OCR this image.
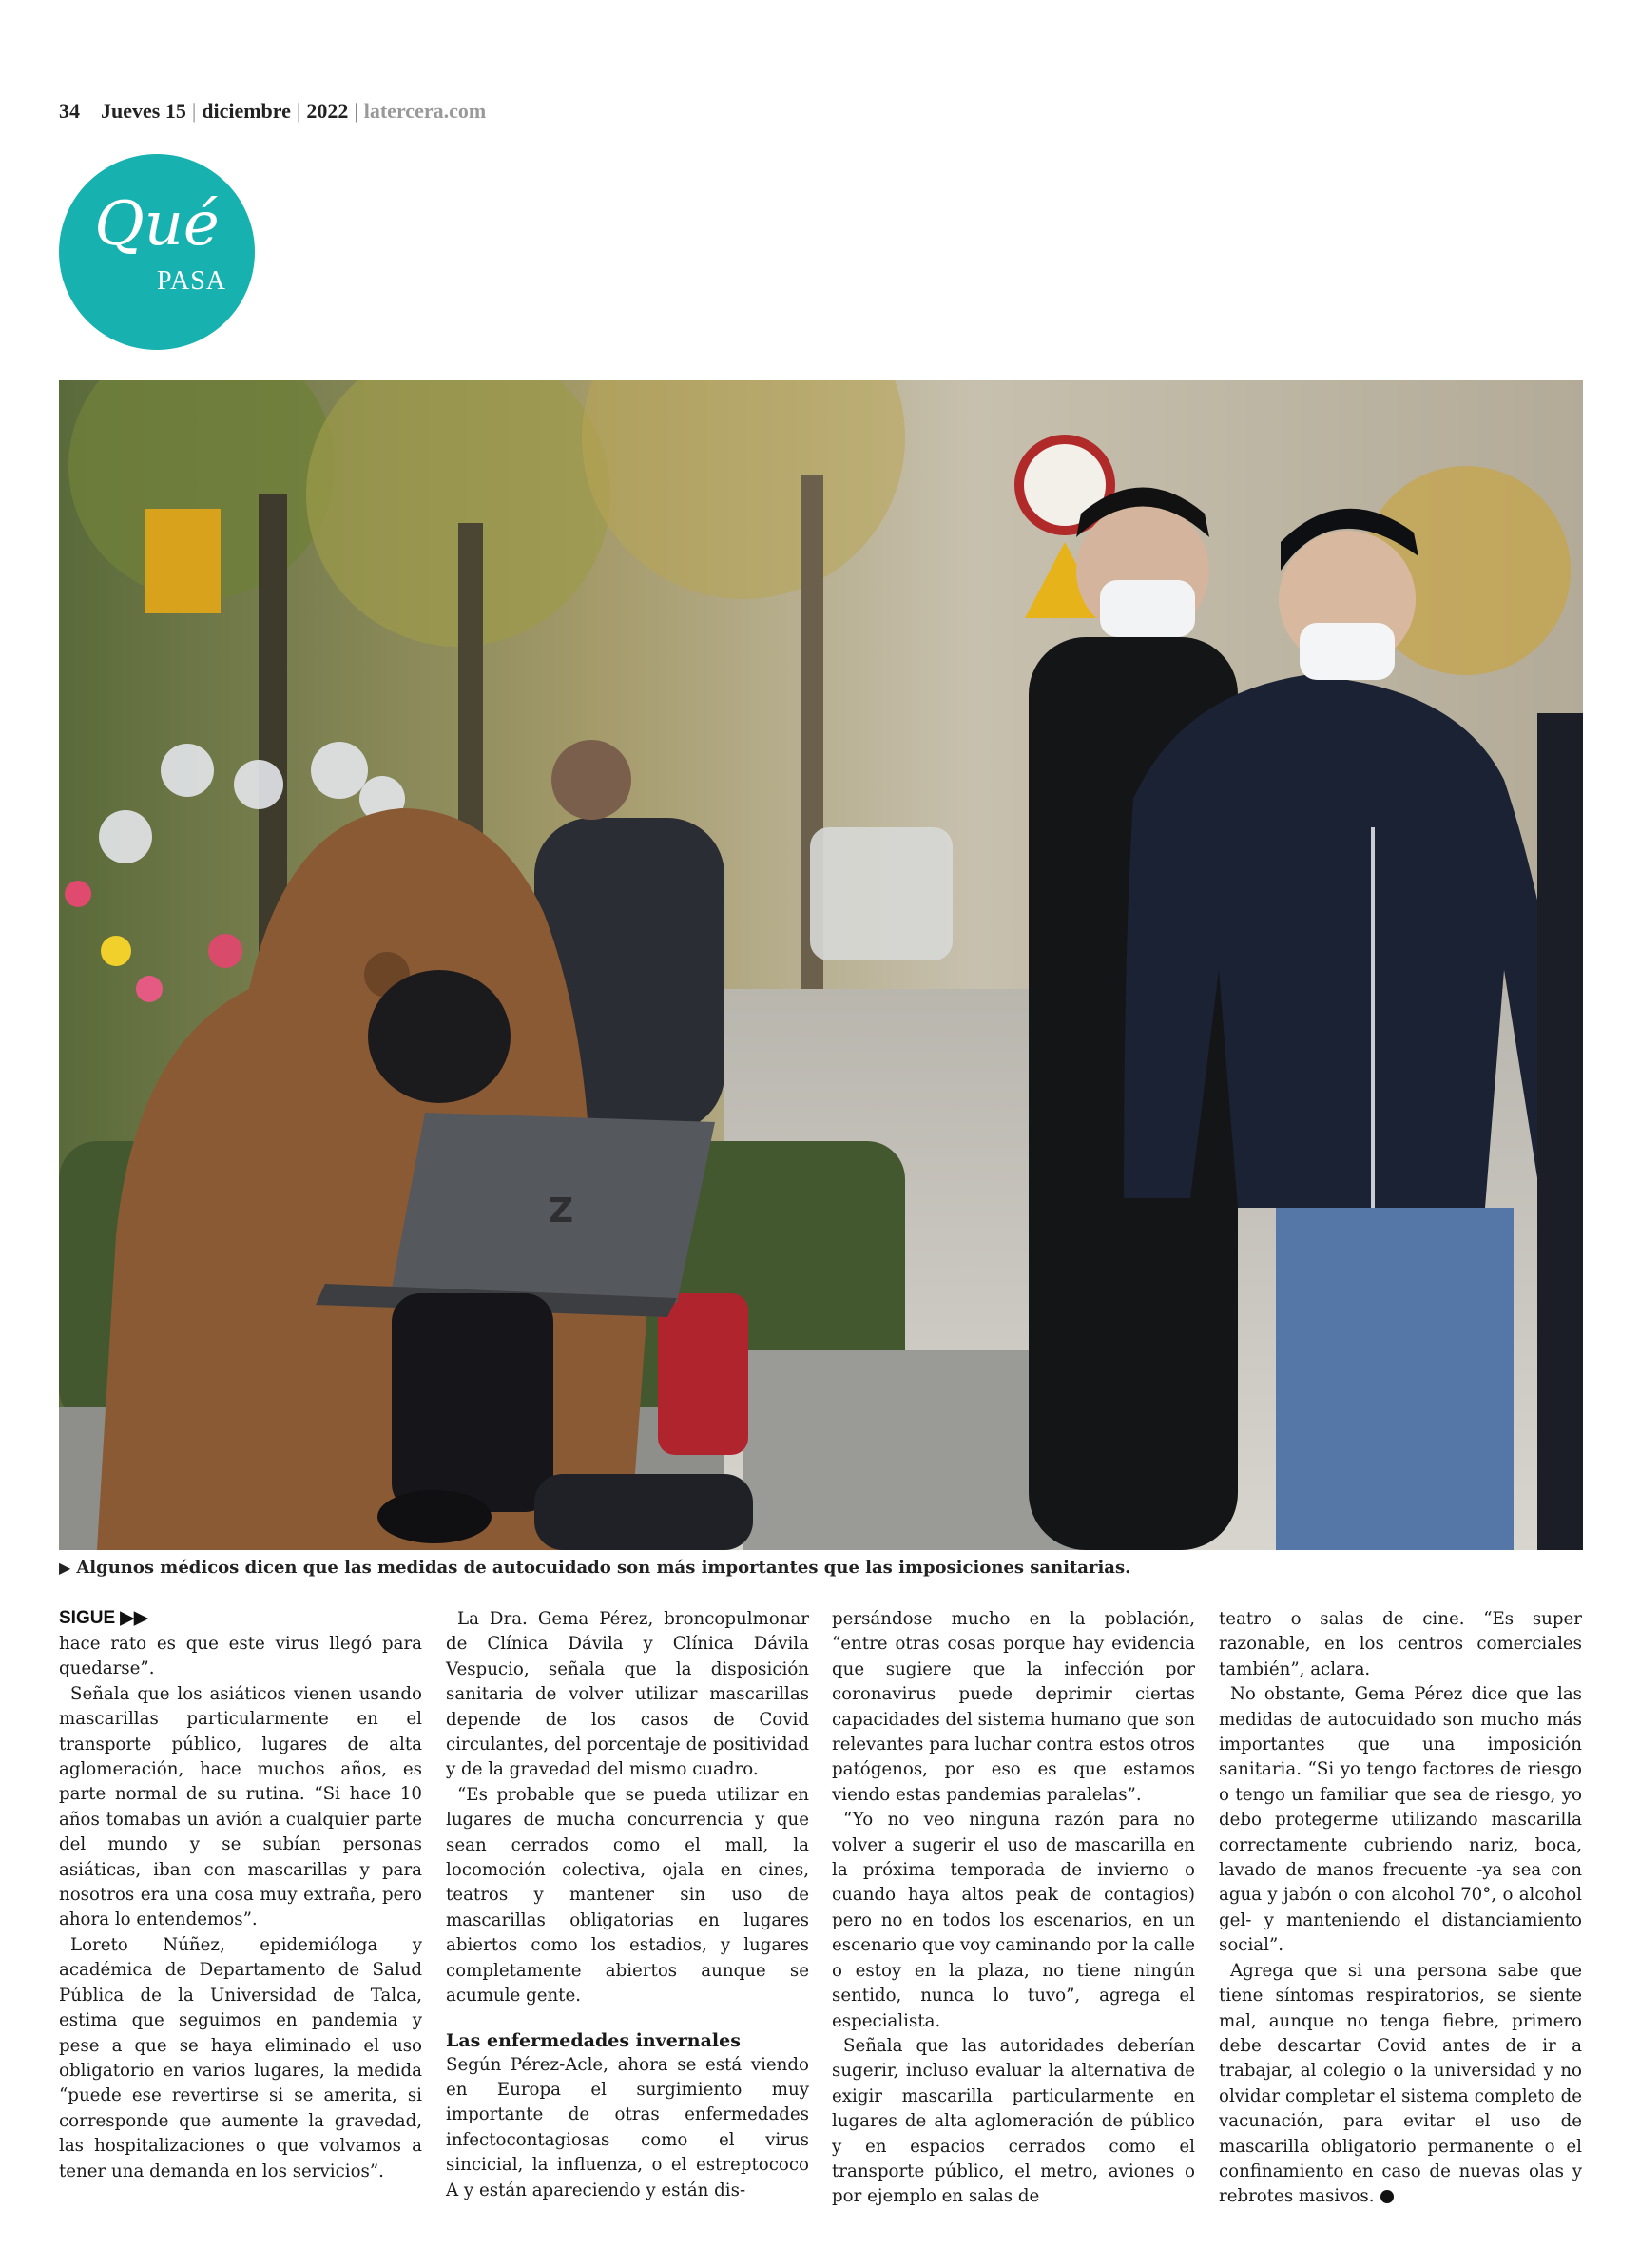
34 Jueves 15 | diciembre | 2022 | latercera.com
Qué
PASA
Z
▶ Algunos médicos dicen que las medidas de autocuidado son más importantes que las imposiciones sanitarias.
SIGUE ▶▶

hace rato es que este virus llegó para quedarse”.

Señala que los asiáticos vienen usando mascarillas particularmente en el transporte público, lugares de alta aglomeración, hace muchos años, es parte normal de su rutina. “Si hace 10 años tomabas un avión a cualquier parte del mundo y se subían personas asiáticas, iban con mascarillas y para nosotros era una cosa muy extraña, pero ahora lo entendemos”.

Loreto Núñez, epidemióloga y académica de Departamento de Salud Pública de la Universidad de Talca, estima que seguimos en pandemia y pese a que se haya eliminado el uso obligatorio en varios lugares, la medida “puede ese revertirse si se amerita, si corresponde que aumente la gravedad, las hospitalizaciones o que volvamos a tener una demanda en los servicios”.

La Dra. Gema Pérez, broncopulmonar de Clínica Dávila y Clínica Dávila Vespucio, señala que la disposición sanitaria de volver utilizar mascarillas depende de los casos de Covid circulantes, del porcentaje de positividad y de la gravedad del mismo cuadro.

“Es probable que se pueda utilizar en lugares de mucha concurrencia y que sean cerrados como el mall, la locomoción colectiva, ojala en cines, teatros y mantener sin uso de mascarillas obligatorias en lugares abiertos como los estadios, y lugares completamente abiertos aunque se acumule gente.

Las enfermedades invernales

Según Pérez-Acle, ahora se está viendo en Europa el surgimiento muy importante de otras enfermedades infectocontagiosas como el virus sincicial, la influenza, o el estreptococo A y están apareciendo y están dis-

persándose mucho en la población, “entre otras cosas porque hay evidencia que sugiere que la infección por coronavirus puede deprimir ciertas capacidades del sistema humano que son relevantes para luchar contra estos otros patógenos, por eso es que estamos viendo estas pandemias paralelas”.

“Yo no veo ninguna razón para no volver a sugerir el uso de mascarilla en la próxima temporada de invierno o cuando haya altos peak de contagios) pero no en todos los escenarios, en un escenario que voy caminando por la calle o estoy en la plaza, no tiene ningún sentido, nunca lo tuvo”, agrega el especialista.

Señala que las autoridades deberían sugerir, incluso evaluar la alternativa de exigir mascarilla particularmente en lugares de alta aglomeración de público y en espacios cerrados como el transporte público, el metro, aviones o por ejemplo en salas de

teatro o salas de cine. “Es super razonable, en los centros comerciales también”, aclara.

No obstante, Gema Pérez dice que las medidas de autocuidado son mucho más importantes que una imposición sanitaria. “Si yo tengo factores de riesgo o tengo un familiar que sea de riesgo, yo debo protegerme utilizando mascarilla correctamente cubriendo nariz, boca, lavado de manos frecuente -ya sea con agua y jabón o con alcohol 70°, o alcohol gel- y manteniendo el distanciamiento social”.

Agrega que si una persona sabe que tiene síntomas respiratorios, se siente mal, aunque no tenga fiebre, primero debe descartar Covid antes de ir a trabajar, al colegio o la universidad y no olvidar completar el sistema completo de vacunación, para evitar el uso de mascarilla obligatorio permanente o el confinamiento en caso de nuevas olas y rebrotes masivos.
